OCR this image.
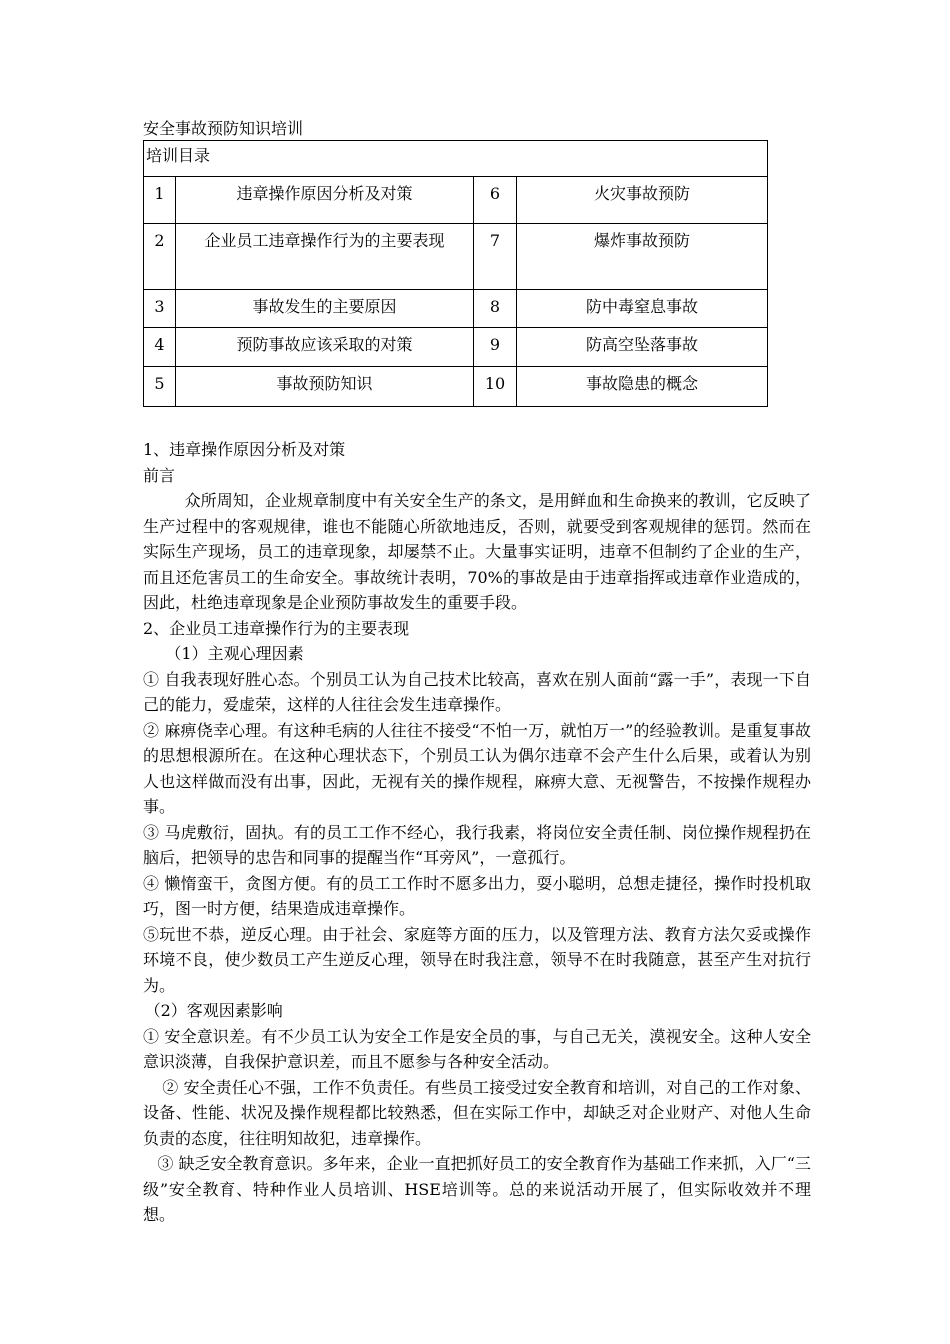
安全事故预防知识培训
培训目录			
1	违章操作原因分析及对策	6	火灾事故预防
2	企业员工违章操作行为的主要表现	7	爆炸事故预防
3	事故发生的主要原因	8	防中毒窒息事故
4	预防事故应该采取的对策	9	防高空坠落事故
5	事故预防知识	10	事故隐患的概念

1、违章操作原因分析及对策

前言

众所周知，企业规章制度中有关安全生产的条文，是用鲜血和生命换来的教训，它反映了生产过程中的客观规律，谁也不能随心所欲地违反，否则，就要受到客观规律的惩罚。然而在实际生产现场，员工的违章现象，却屡禁不止。大量事实证明，违章不但制约了企业的生产，而且还危害员工的生命安全。事故统计表明，70%的事故是由于违章指挥或违章作业造成的，因此，杜绝违章现象是企业预防事故发生的重要手段。

2、企业员工违章操作行为的主要表现

（1）主观心理因素

① 自我表现好胜心态。个别员工认为自己技术比较高，喜欢在别人面前“露一手”，表现一下自己的能力，爱虚荣，这样的人往往会发生违章操作。

② 麻痹侥幸心理。有这种毛病的人往往不接受“不怕一万，就怕万一”的经验教训。是重复事故的思想根源所在。在这种心理状态下，个别员工认为偶尔违章不会产生什么后果，或着认为别人也这样做而没有出事，因此，无视有关的操作规程，麻痹大意、无视警告，不按操作规程办事。

③ 马虎敷衍，固执。有的员工工作不经心，我行我素，将岗位安全责任制、岗位操作规程扔在脑后，把领导的忠告和同事的提醒当作“耳旁风”，一意孤行。

④ 懒惰蛮干，贪图方便。有的员工工作时不愿多出力，耍小聪明，总想走捷径，操作时投机取巧，图一时方便，结果造成违章操作。

⑤玩世不恭，逆反心理。由于社会、家庭等方面的压力，以及管理方法、教育方法欠妥或操作环境不良，使少数员工产生逆反心理，领导在时我注意，领导不在时我随意，甚至产生对抗行为。

（2）客观因素影响

① 安全意识差。有不少员工认为安全工作是安全员的事，与自己无关，漠视安全。这种人安全意识淡薄，自我保护意识差，而且不愿参与各种安全活动。

② 安全责任心不强，工作不负责任。有些员工接受过安全教育和培训，对自己的工作对象、设备、性能、状况及操作规程都比较熟悉，但在实际工作中，却缺乏对企业财产、对他人生命负责的态度，往往明知故犯，违章操作。

③ 缺乏安全教育意识。多年来，企业一直把抓好员工的安全教育作为基础工作来抓，入厂“三级”安全教育、特种作业人员培训、HSE培训等。总的来说活动开展了，但实际收效并不理想。
